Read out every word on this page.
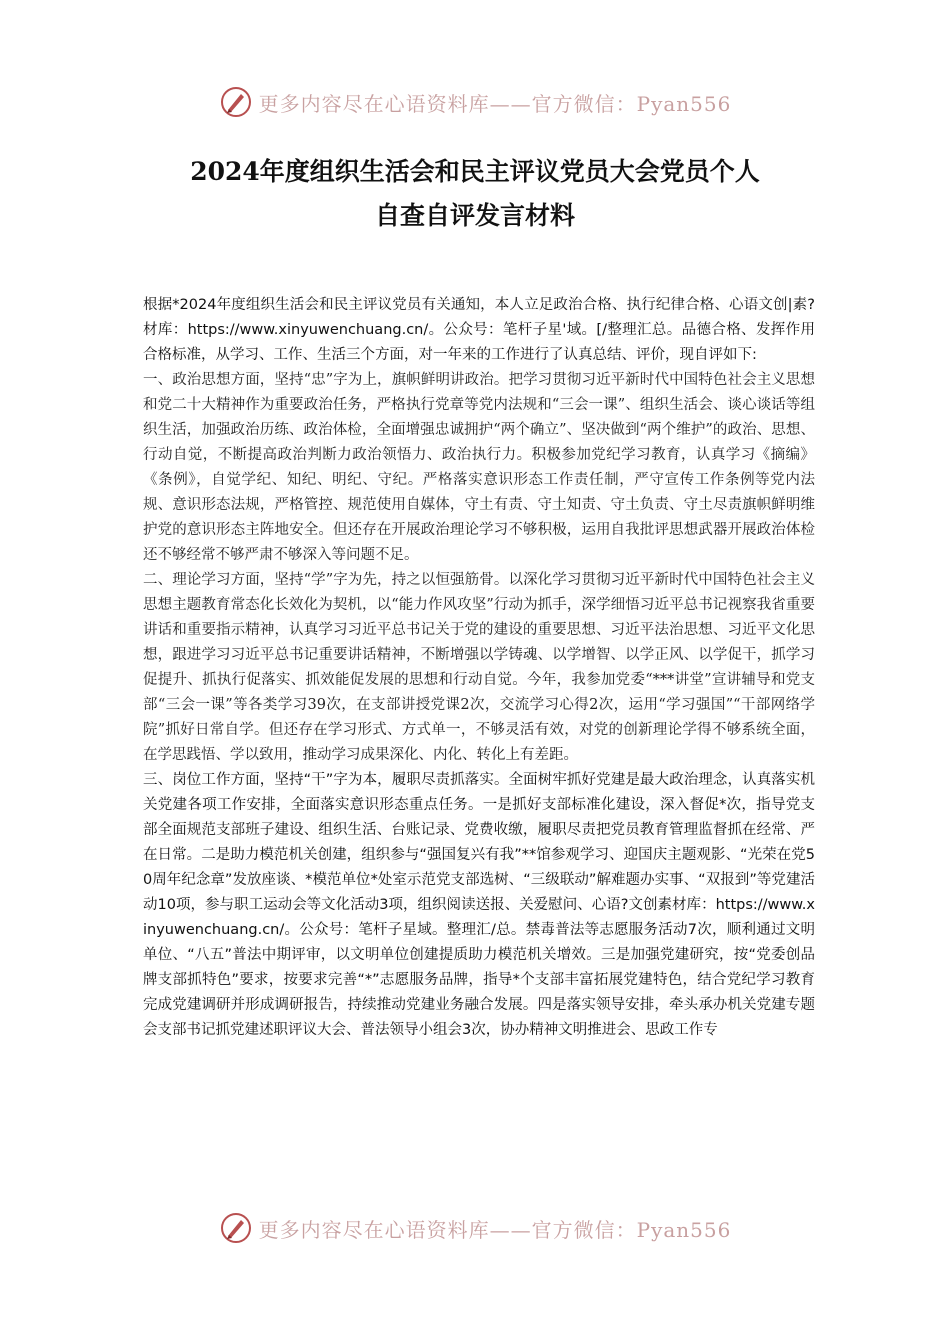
更多内容尽在心语资料库——官方微信：Pyan556
2024年度组织生活会和民主评议党员大会党员个人
自查自评发言材料

根据*2024年度组织生活会和民主评议党员有关通知，本人立足政治合格、执行纪律合格、心语文创|素?材库：https://www.xinyuwenchuang.cn/。公众号：笔杆子星'域。[/整理汇总。品德合格、发挥作用合格标准，从学习、工作、生活三个方面，对一年来的工作进行了认真总结、评价，现自评如下:

一、政治思想方面，坚持“忠”字为上，旗帜鲜明讲政治。把学习贯彻习近平新时代中国特色社会主义思想和党二十大精神作为重要政治任务，严格执行党章等党内法规和“三会一课”、组织生活会、谈心谈话等组织生活，加强政治历练、政治体检，全面增强忠诚拥护“两个确立”、坚决做到“两个维护”的政治、思想、行动自觉，不断提高政治判断力政治领悟力、政治执行力。积极参加党纪学习教育，认真学习《摘编》《条例》，自觉学纪、知纪、明纪、守纪。严格落实意识形态工作责任制，严守宣传工作条例等党内法规、意识形态法规，严格管控、规范使用自媒体，守土有责、守土知责、守土负责、守土尽责旗帜鲜明维护党的意识形态主阵地安全。但还存在开展政治理论学习不够积极，运用自我批评思想武器开展政治体检还不够经常不够严肃不够深入等问题不足。

二、理论学习方面，坚持“学”字为先，持之以恒强筋骨。以深化学习贯彻习近平新时代中国特色社会主义思想主题教育常态化长效化为契机，以“能力作风攻坚”行动为抓手，深学细悟习近平总书记视察我省重要讲话和重要指示精神，认真学习习近平总书记关于党的建设的重要思想、习近平法治思想、习近平文化思想，跟进学习习近平总书记重要讲话精神，不断增强以学铸魂、以学增智、以学正风、以学促干，抓学习促提升、抓执行促落实、抓效能促发展的思想和行动自觉。今年，我参加党委“***讲堂”宣讲辅导和党支部“三会一课”等各类学习39次，在支部讲授党课2次，交流学习心得2次，运用“学习强国”“干部网络学院”抓好日常自学。但还存在学习形式、方式单一，不够灵活有效，对党的创新理论学得不够系统全面，在学思践悟、学以致用，推动学习成果深化、内化、转化上有差距。

三、岗位工作方面，坚持“干”字为本，履职尽责抓落实。全面树牢抓好党建是最大政治理念，认真落实机关党建各项工作安排，全面落实意识形态重点任务。一是抓好支部标准化建设，深入督促*次，指导党支部全面规范支部班子建设、组织生活、台账记录、党费收缴，履职尽责把党员教育管理监督抓在经常、严在日常。二是助力模范机关创建，组织参与“强国复兴有我”**馆参观学习、迎国庆主题观影、“光荣在党50周年纪念章”发放座谈、*模范单位*处室示范党支部选树、“三级联动”解难题办实事、“双报到”等党建活动10项，参与职工运动会等文化活动3项，组织阅读送报、关爱慰问、心语?文创素材库：https://www.xinyuwenchuang.cn/。公众号：笔杆子星域。整理汇/总。禁毒普法等志愿服务活动7次，顺利通过文明单位、“八五”普法中期评审，以文明单位创建提质助力模范机关增效。三是加强党建研究，按“党委创品牌支部抓特色”要求，按要求完善“*”志愿服务品牌，指导*个支部丰富拓展党建特色，结合党纪学习教育完成党建调研并形成调研报告，持续推动党建业务融合发展。四是落实领导安排，牵头承办机关党建专题会支部书记抓党建述职评议大会、普法领导小组会3次，协办精神文明推进会、思政工作专

更多内容尽在心语资料库——官方微信：Pyan556
